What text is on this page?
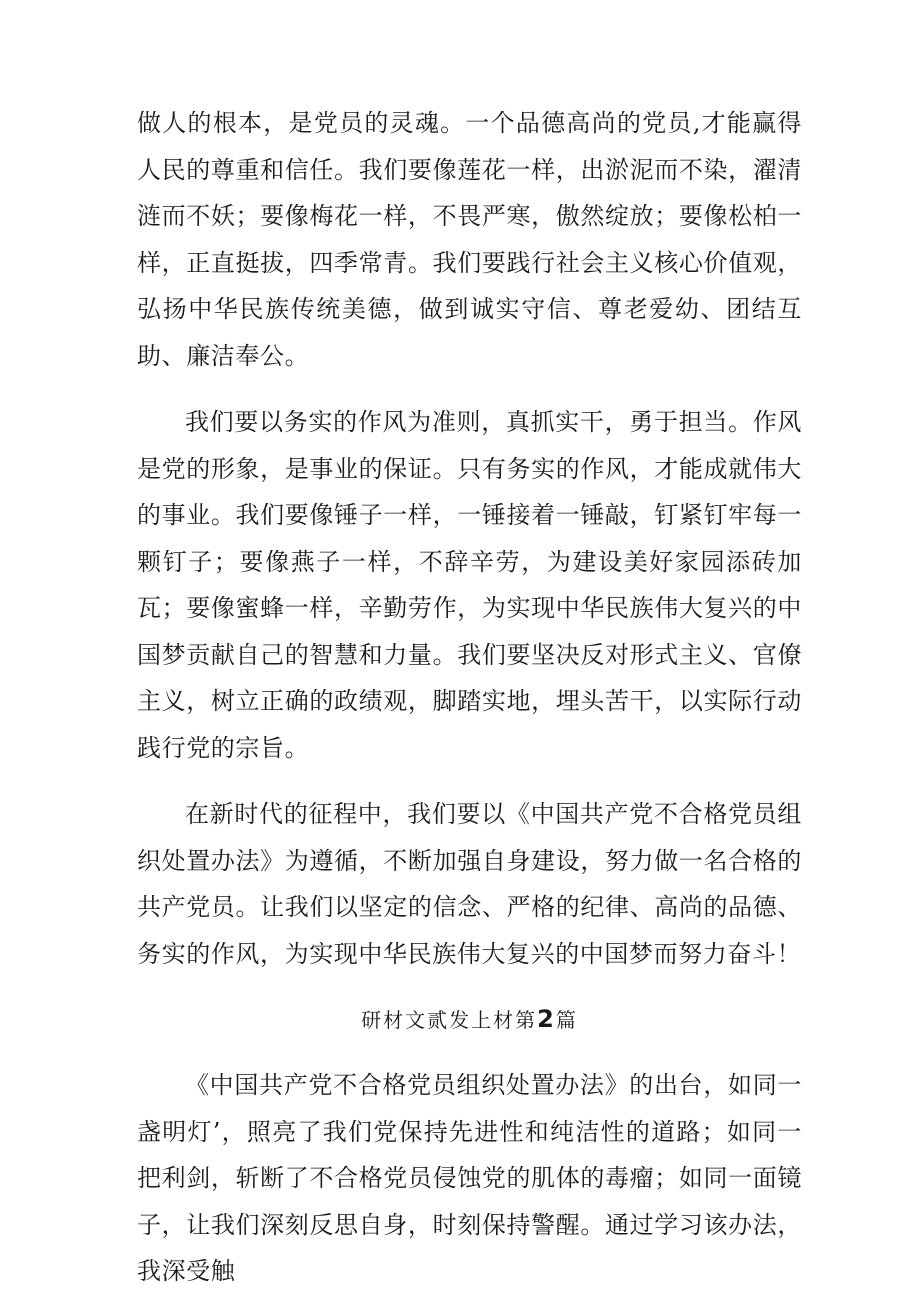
做人的根本，是党员的灵魂。一个品德高尚的党员,才能赢得人民的尊重和信任。我们要像莲花一样，出淤泥而不染，濯清涟而不妖；要像梅花一样，不畏严寒，傲然绽放；要像松柏一样，正直挺拔，四季常青。我们要践行社会主义核心价值观，弘扬中华民族传统美德，做到诚实守信、尊老爱幼、团结互助、廉洁奉公。

我们要以务实的作风为准则，真抓实干，勇于担当。作风是党的形象，是事业的保证。只有务实的作风，才能成就伟大的事业。我们要像锤子一样，一锤接着一锤敲，钉紧钉牢每一颗钉子；要像燕子一样，不辞辛劳，为建设美好家园添砖加瓦；要像蜜蜂一样，辛勤劳作，为实现中华民族伟大复兴的中国梦贡献自己的智慧和力量。我们要坚决反对形式主义、官僚主义，树立正确的政绩观，脚踏实地，埋头苦干，以实际行动践行党的宗旨。

在新时代的征程中，我们要以《中国共产党不合格党员组织处置办法》为遵循，不断加强自身建设，努力做一名合格的共产党员。让我们以坚定的信念、严格的纪律、高尚的品德、务实的作风，为实现中华民族伟大复兴的中国梦而努力奋斗！

研材文贰发上材第2篇

《中国共产党不合格党员组织处置办法》的出台，如同一盏明灯’，照亮了我们党保持先进性和纯洁性的道路；如同一把利剑，斩断了不合格党员侵蚀党的肌体的毒瘤；如同一面镜子，让我们深刻反思自身，时刻保持警醒。通过学习该办法，我深受触
